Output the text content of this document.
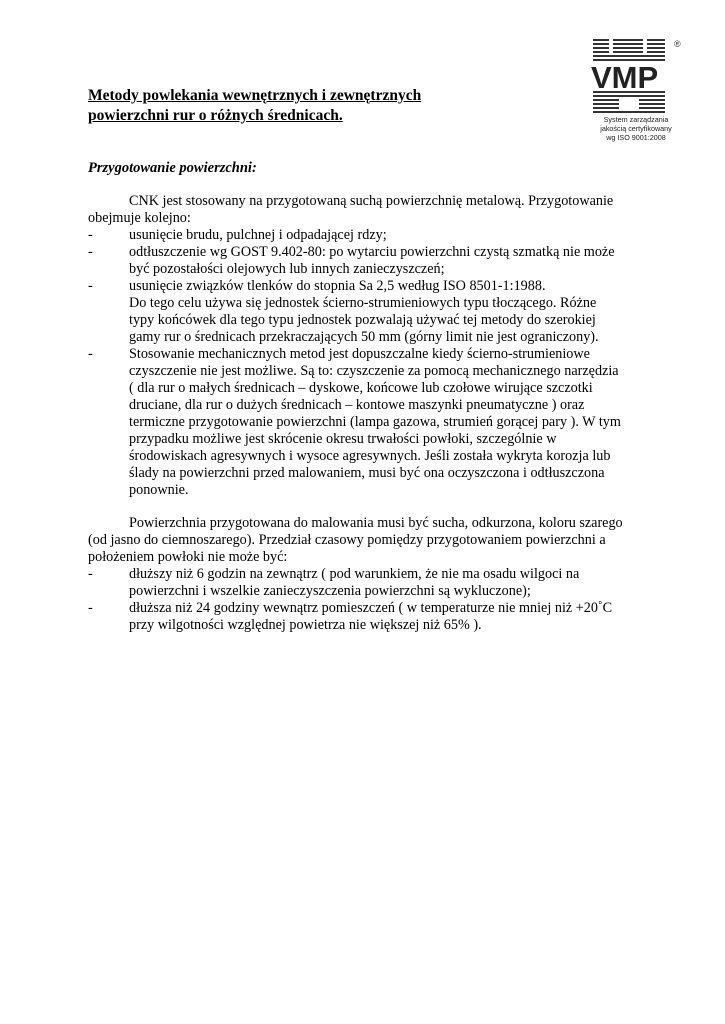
VMP
®
System zarządzania
jakością certyfikowany
wg ISO 9001:2008
Metody powlekania wewnętrznych i zewnętrznych
powierzchni rur o różnych średnicach.
Przygotowanie powierzchni:
CNK jest stosowany na przygotowaną suchą powierzchnię metalową. Przygotowanie
obejmuje kolejno:
-	usunięcie brudu, pulchnej i odpadającej rdzy;
-	odtłuszczenie wg GOST 9.402-80: po wytarciu powierzchni czystą szmatką nie może
być pozostałości olejowych lub innych zanieczyszczeń;
-	usunięcie związków tlenków do stopnia Sa 2,5 według ISO 8501-1:1988.
Do tego celu używa się jednostek ścierno-strumieniowych typu tłoczącego. Różne
typy końcówek dla tego typu jednostek pozwalają używać tej metody do szerokiej
gamy rur o średnicach przekraczających 50 mm (górny limit nie jest ograniczony).
-	Stosowanie mechanicznych metod jest dopuszczalne kiedy ścierno-strumieniowe
czyszczenie nie jest możliwe. Są to: czyszczenie za pomocą mechanicznego narzędzia
( dla rur o małych średnicach – dyskowe, końcowe lub czołowe wirujące szczotki
druciane, dla rur o dużych średnicach – kontowe maszynki pneumatyczne ) oraz
termiczne przygotowanie powierzchni (lampa gazowa, strumień gorącej pary ). W tym
przypadku możliwe jest skrócenie okresu trwałości powłoki, szczególnie w
środowiskach agresywnych i wysoce agresywnych. Jeśli została wykryta korozja lub
ślady na powierzchni przed malowaniem, musi być ona oczyszczona i odtłuszczona
ponownie.
Powierzchnia przygotowana do malowania musi być sucha, odkurzona, koloru szarego
(od jasno do ciemnoszarego). Przedział czasowy pomiędzy przygotowaniem powierzchni a
położeniem powłoki nie może być:
-	dłuższy niż 6 godzin na zewnątrz ( pod warunkiem, że nie ma osadu wilgoci na
powierzchni i wszelkie zanieczyszczenia powierzchni są wykluczone);
-	dłuższa niż 24 godziny wewnątrz pomieszczeń ( w temperaturze nie mniej niż +20˚C
przy wilgotności względnej powietrza nie większej niż 65% ).
